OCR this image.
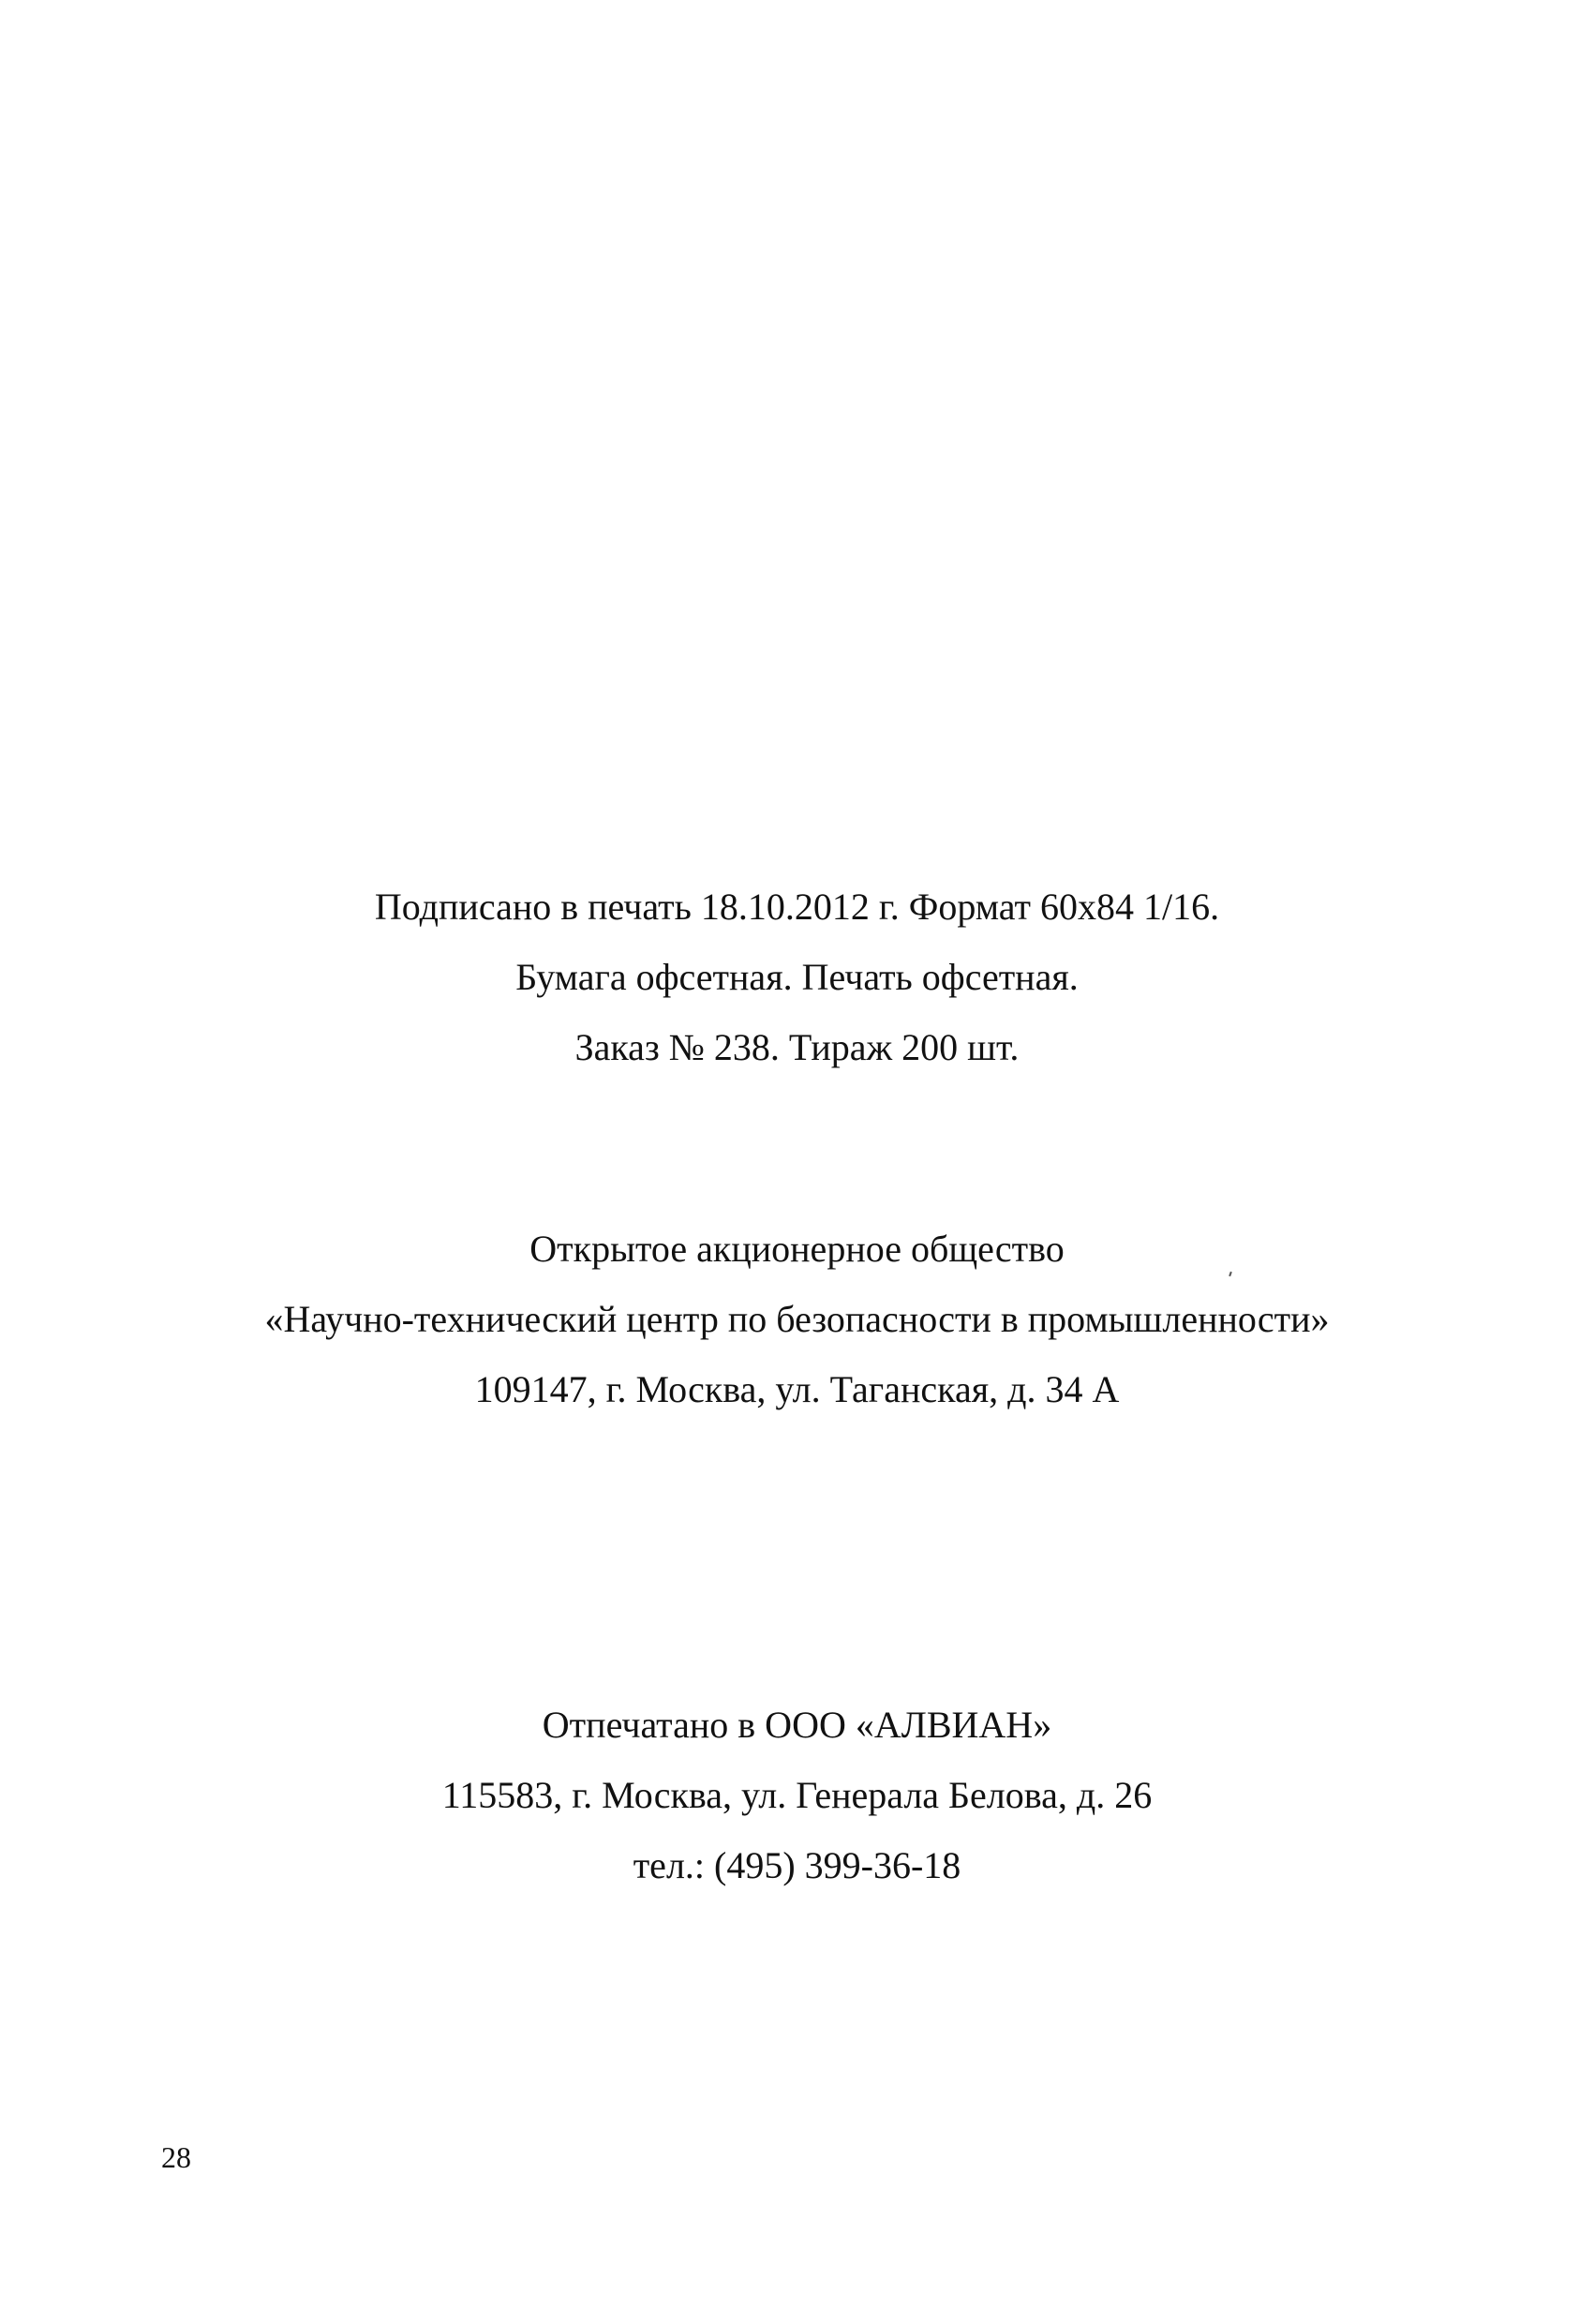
Подписано в печать 18.10.2012 г. Формат 60х84 1/16.
Бумага офсетная. Печать офсетная.
Заказ № 238. Тираж 200 шт.
Открытое акционерное общество
«Научно-технический центр по безопасности в промышленности»
109147, г. Москва, ул. Таганская, д. 34 А
Отпечатано в ООО «АЛВИАН»
115583, г. Москва, ул. Генерала Белова, д. 26
тел.: (495) 399-36-18
28
